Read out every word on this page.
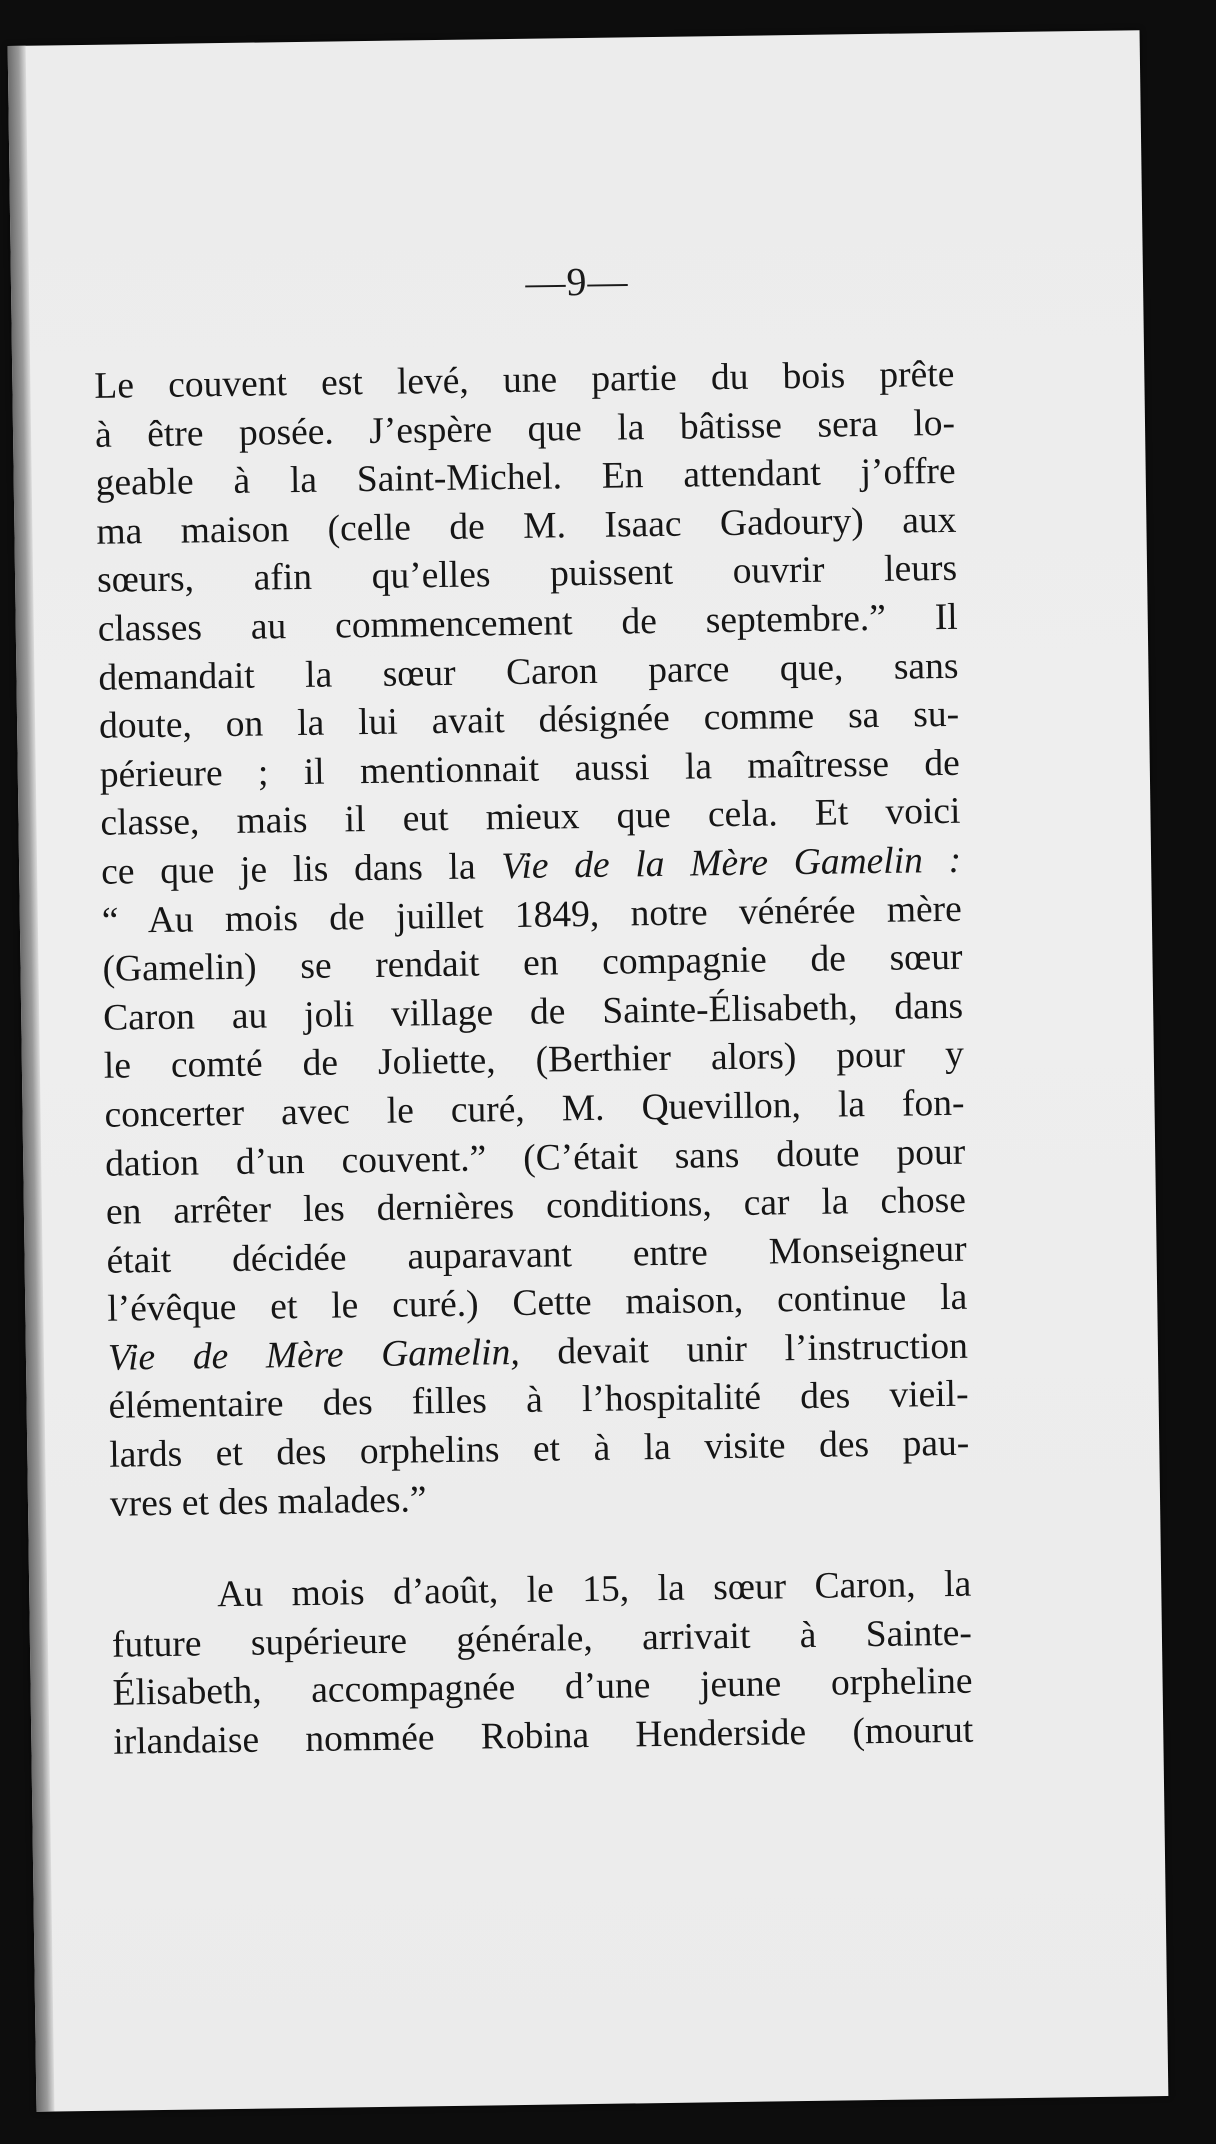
—9—
Le couvent est levé, une partie du bois prête
à être posée. J’espère que la bâtisse sera lo-
geable à la Saint-Michel. En attendant j’offre
ma maison (celle de M. Isaac Gadoury) aux
sœurs, afin qu’elles puissent ouvrir leurs
classes au commencement de septembre.” Il
demandait la sœur Caron parce que, sans
doute, on la lui avait désignée comme sa su-
périeure ; il mentionnait aussi la maîtresse de
classe, mais il eut mieux que cela. Et voici
ce que je lis dans la Vie de la Mère Gamelin :
“ Au mois de juillet 1849, notre vénérée mère
(Gamelin) se rendait en compagnie de sœur
Caron au joli village de Sainte-Élisabeth, dans
le comté de Joliette, (Berthier alors) pour y
concerter avec le curé, M. Quevillon, la fon-
dation d’un couvent.” (C’était sans doute pour
en arrêter les dernières conditions, car la chose
était décidée auparavant entre Monseigneur
l’évêque et le curé.) Cette maison, continue la
Vie de Mère Gamelin, devait unir l’instruction
élémentaire des filles à l’hospitalité des vieil-
lards et des orphelins et à la visite des pau-
vres et des malades.”
Au mois d’août, le 15, la sœur Caron, la
future supérieure générale, arrivait à Sainte-
Élisabeth, accompagnée d’une jeune orpheline
irlandaise nommée Robina Henderside (mourut
